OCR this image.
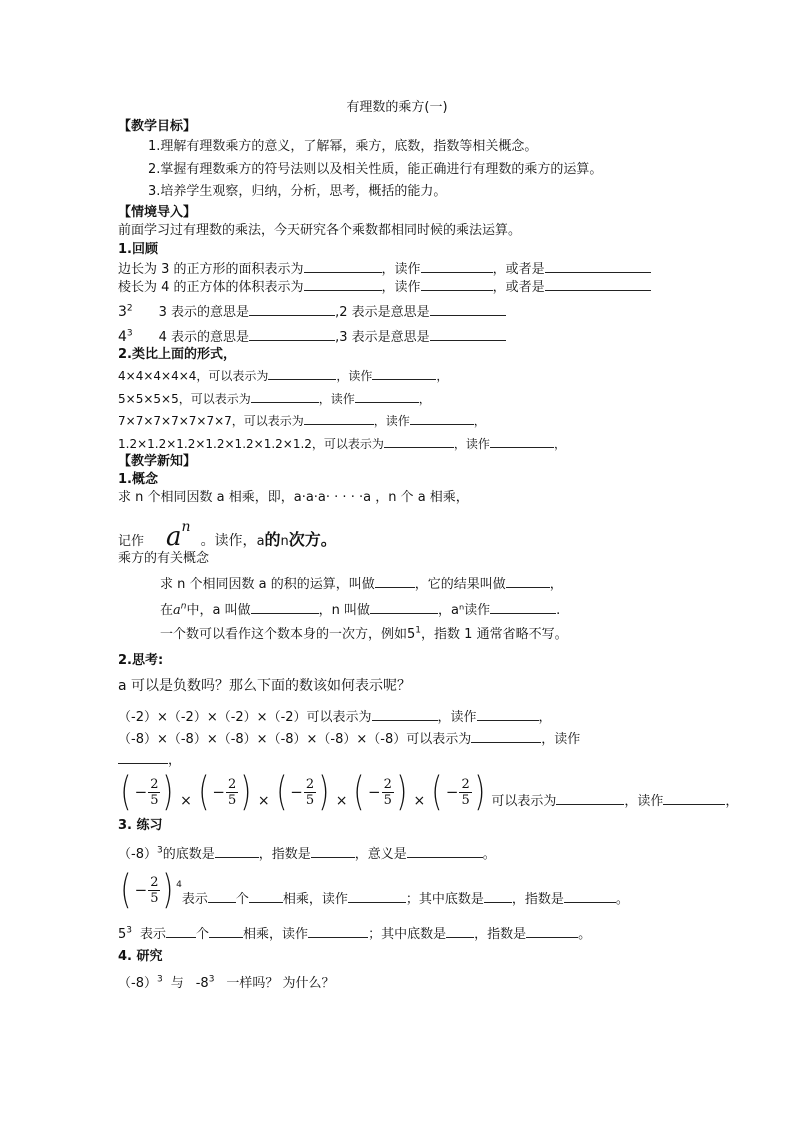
有理数的乘方(一)
【教学目标】
1.理解有理数乘方的意义，了解幂，乘方，底数，指数等相关概念。
2.掌握有理数乘方的符号法则以及相关性质，能正确进行有理数的乘方的运算。
3.培养学生观察，归纳，分析，思考，概括的能力。
【情境导入】
前面学习过有理数的乘法，今天研究各个乘数都相同时候的乘法运算。
1.回顾
边长为 3 的正方形的面积表示为	，读作	，或者是
棱长为 4 的正方体的体积表示为	，读作	，或者是
$3^2$ 3 表示的意思是	,2 表示是意思是
$4^3$ 4 表示的意思是	,3 表示是意思是
2.类比上面的形式，
4×4×4×4×4，可以表示为	，读作	，
5×5×5×5，可以表示为	，读作	，
7×7×7×7×7×7×7，可以表示为	，读作	，
1.2×1.2×1.2×1.2×1.2×1.2×1.2，可以表示为	，读作	，
【教学新知】
1.概念
求 n 个相同因数 a 相乘，即，a·a·a· · · · ·a ，n 个 a 相乘，
记作 an。读作，a的n次方。
乘方的有关概念
求 n 个相同因数 a 的积的运算，叫做	，它的结果叫做	，
在$a^n$中，a 叫做	，n 叫做	，aⁿ读作	.
一个数可以看作这个数本身的一次方，例如$5^1$，指数 1 通常省略不写。
2.思考:
a 可以是负数吗？那么下面的数该如何表示呢？
（-2）×（-2）×（-2）×（-2）可以表示为	，读作	，
（-8）×（-8）×（-8）×（-8）×（-8）×（-8）可以表示为	，读作
，
( − $\frac{2}{5}$ ) × ( − $\frac{2}{5}$ ) × ( − $\frac{2}{5}$ ) × ( − $\frac{2}{5}$ ) × ( − $\frac{2}{5}$ ) 可以表示为	，读作	，
3. 练习
$(-8)^3$的底数是	，指数是	，意义是	。
( − $\frac{2}{5}$ ) $^4$表示 个	相乘，读作	；其中底数是 ，指数是	。
$5^3$ 表示 个	相乘，读作	；其中底数是 ，指数是	。
4. 研究
$(-8)^3$ 与 $-8^3$ 一样吗？ 为什么？
